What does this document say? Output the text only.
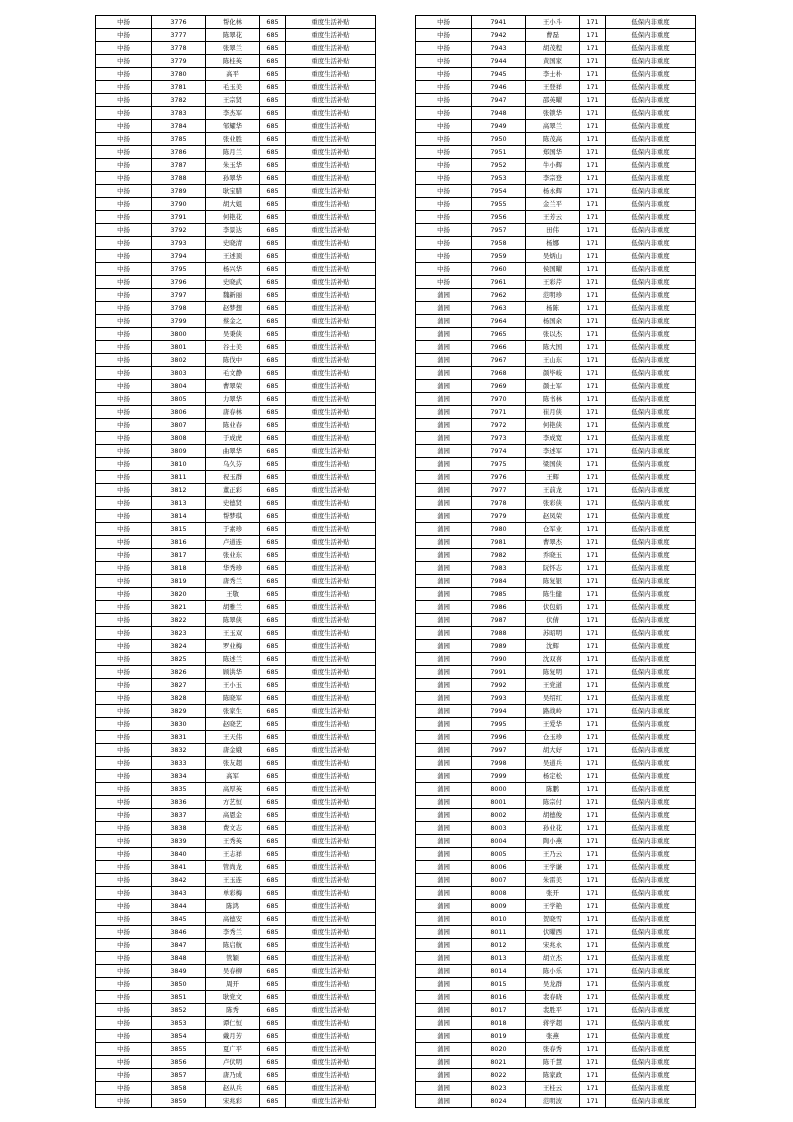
中扬	3776	帮化林	685	重度生活补贴
中扬	3777	陈翠花	685	重度生活补贴
中扬	3778	张翠兰	685	重度生活补贴
中扬	3779	陈桂英	685	重度生活补贴
中扬	3780	高平	685	重度生活补贴
中扬	3781	毛玉美	685	重度生活补贴
中扬	3782	王宗贤	685	重度生活补贴
中扬	3783	李杰军	685	重度生活补贴
中扬	3784	邹耀华	685	重度生活补贴
中扬	3785	张业胜	685	重度生活补贴
中扬	3786	陈月兰	685	重度生活补贴
中扬	3787	朱玉华	685	重度生活补贴
中扬	3788	孙翠华	685	重度生活补贴
中扬	3789	耿宝腊	685	重度生活补贴
中扬	3790	胡大姐	685	重度生活补贴
中扬	3791	何艳花	685	重度生活补贴
中扬	3792	李景达	685	重度生活补贴
中扬	3793	史晓清	685	重度生活补贴
中扬	3794	王述顶	685	重度生活补贴
中扬	3795	杨兴华	685	重度生活补贴
中扬	3796	史晓武	685	重度生活补贴
中扬	3797	魏新丽	685	重度生活补贴
中扬	3798	赵梦想	685	重度生活补贴
中扬	3799	蔡金之	685	重度生活补贴
中扬	3800	吴秉侠	685	重度生活补贴
中扬	3801	谷士美	685	重度生活补贴
中扬	3802	陈伐中	685	重度生活补贴
中扬	3803	毛文静	685	重度生活补贴
中扬	3804	曹翠荣	685	重度生活补贴
中扬	3805	力翠华	685	重度生活补贴
中扬	3806	唐春林	685	重度生活补贴
中扬	3807	陈业春	685	重度生活补贴
中扬	3808	于成虎	685	重度生活补贴
中扬	3809	曲翠华	685	重度生活补贴
中扬	3810	乌久芬	685	重度生活补贴
中扬	3811	祝玉群	685	重度生活补贴
中扬	3812	董正彩	685	重度生活补贴
中扬	3813	史德贤	685	重度生活补贴
中扬	3814	帮梦琪	685	重度生活补贴
中扬	3815	于素珍	685	重度生活补贴
中扬	3816	卢道连	685	重度生活补贴
中扬	3817	张业东	685	重度生活补贴
中扬	3818	华秀珍	685	重度生活补贴
中扬	3819	唐秀兰	685	重度生活补贴
中扬	3820	王敬	685	重度生活补贴
中扬	3821	胡雅兰	685	重度生活补贴
中扬	3822	陈翠侠	685	重度生活补贴
中扬	3823	王玉双	685	重度生活补贴
中扬	3824	罗业梅	685	重度生活补贴
中扬	3825	陈述兰	685	重度生活补贴
中扬	3826	顾洪华	685	重度生活补贴
中扬	3827	王小玉	685	重度生活补贴
中扬	3828	陈晓军	685	重度生活补贴
中扬	3829	张家生	685	重度生活补贴
中扬	3830	赵晓艺	685	重度生活补贴
中扬	3831	王天伟	685	重度生活补贴
中扬	3832	唐金娥	685	重度生活补贴
中扬	3833	张友超	685	重度生活补贴
中扬	3834	高军	685	重度生活补贴
中扬	3835	高厚英	685	重度生活补贴
中扬	3836	方艺恒	685	重度生活补贴
中扬	3837	高恩金	685	重度生活补贴
中扬	3838	费文志	685	重度生活补贴
中扬	3839	王秀英	685	重度生活补贴
中扬	3840	王志祥	685	重度生活补贴
中扬	3841	管尚龙	685	重度生活补贴
中扬	3842	王玉连	685	重度生活补贴
中扬	3843	单彩梅	685	重度生活补贴
中扬	3844	陈鸿	685	重度生活补贴
中扬	3845	高德安	685	重度生活补贴
中扬	3846	李秀兰	685	重度生活补贴
中扬	3847	陈启航	685	重度生活补贴
中扬	3848	管颖	685	重度生活补贴
中扬	3849	吴春柳	685	重度生活补贴
中扬	3850	周开	685	重度生活补贴
中扬	3851	耿党文	685	重度生活补贴
中扬	3852	陈秀	685	重度生活补贴
中扬	3853	谭仁恒	685	重度生活补贴
中扬	3854	戴月芳	685	重度生活补贴
中扬	3855	夏广平	685	重度生活补贴
中扬	3856	卢伏明	685	重度生活补贴
中扬	3857	唐乃成	685	重度生活补贴
中扬	3858	赵从兵	685	重度生活补贴
中扬	3859	宋兆彩	685	重度生活补贴
中扬	7941	王小斗	171	低保内非重度
中扬	7942	曹磊	171	低保内非重度
中扬	7943	胡茂程	171	低保内非重度
中扬	7944	黄国家	171	低保内非重度
中扬	7945	李士朴	171	低保内非重度
中扬	7946	王登祥	171	低保内非重度
中扬	7947	邵英曜	171	低保内非重度
中扬	7948	张锁华	171	低保内非重度
中扬	7949	高翠兰	171	低保内非重度
中扬	7950	陈茂高	171	低保内非重度
中扬	7951	郑国华	171	低保内非重度
中扬	7952	牛小辉	171	低保内非重度
中扬	7953	李宗登	171	低保内非重度
中扬	7954	杨永辉	171	低保内非重度
中扬	7955	金兰平	171	低保内非重度
中扬	7956	王芳云	171	低保内非重度
中扬	7957	田伟	171	低保内非重度
中扬	7958	杨娜	171	低保内非重度
中扬	7959	吴炳山	171	低保内非重度
中扬	7960	侯国曜	171	低保内非重度
中扬	7961	王彩芹	171	低保内非重度
蒲园	7962	范明珍	171	低保内非重度
蒲园	7963	杨陈	171	低保内非重度
蒲园	7964	杨国余	171	低保内非重度
蒲园	7965	张以杰	171	低保内非重度
蒲园	7966	陈大国	171	低保内非重度
蒲园	7967	王山东	171	低保内非重度
蒲园	7968	颜毕岐	171	低保内非重度
蒲园	7969	颜士军	171	低保内非重度
蒲园	7970	陈书林	171	低保内非重度
蒲园	7971	崔月侠	171	低保内非重度
蒲园	7972	何艳侠	171	低保内非重度
蒲园	7973	李成宽	171	低保内非重度
蒲园	7974	李述军	171	低保内非重度
蒲园	7975	梁国侠	171	低保内非重度
蒲园	7976	王辉	171	低保内非重度
蒲园	7977	王前龙	171	低保内非重度
蒲园	7978	张彩侠	171	低保内非重度
蒲园	7979	赵凤荣	171	低保内非重度
蒲园	7980	仓军业	171	低保内非重度
蒲园	7981	曹翠杰	171	低保内非重度
蒲园	7982	乔晓玉	171	低保内非重度
蒲园	7983	阮怀志	171	低保内非重度
蒲园	7984	陈复银	171	低保内非重度
蒲园	7985	陈生健	171	低保内非重度
蒲园	7986	伏包娟	171	低保内非重度
蒲园	7987	伏倩	171	低保内非重度
蒲园	7988	苏昭明	171	低保内非重度
蒲园	7989	沈辉	171	低保内非重度
蒲园	7990	沈双喜	171	低保内非重度
蒲园	7991	陈复明	171	低保内非重度
蒲园	7992	王党道	171	低保内非重度
蒲园	7993	吴绍红	171	低保内非重度
蒲园	7994	路战岭	171	低保内非重度
蒲园	7995	王爱华	171	低保内非重度
蒲园	7996	仓玉珍	171	低保内非重度
蒲园	7997	胡大好	171	低保内非重度
蒲园	7998	吴道兵	171	低保内非重度
蒲园	7999	杨定松	171	低保内非重度
蒲园	8000	陈鹏	171	低保内非重度
蒲园	8001	陈宗付	171	低保内非重度
蒲园	8002	胡德俊	171	低保内非重度
蒲园	8003	孙业花	171	低保内非重度
蒲园	8004	陶小燕	171	低保内非重度
蒲园	8005	王乃云	171	低保内非重度
蒲园	8006	王学谦	171	低保内非重度
蒲园	8007	朱雷美	171	低保内非重度
蒲园	8008	张开	171	低保内非重度
蒲园	8009	王学艳	171	低保内非重度
蒲园	8010	贺晓雪	171	低保内非重度
蒲园	8011	伏曜西	171	低保内非重度
蒲园	8012	宋兆永	171	低保内非重度
蒲园	8013	胡立杰	171	低保内非重度
蒲园	8014	陈小乐	171	低保内非重度
蒲园	8015	吴龙群	171	低保内非重度
蒲园	8016	裴春晓	171	低保内非重度
蒲园	8017	裴胜平	171	低保内非重度
蒲园	8018	蒋学超	171	低保内非重度
蒲园	8019	张燕	171	低保内非重度
蒲园	8020	张春秀	171	低保内非重度
蒲园	8021	陈千慧	171	低保内非重度
蒲园	8022	陈家政	171	低保内非重度
蒲园	8023	王桂云	171	低保内非重度
蒲园	8024	范明波	171	低保内非重度
